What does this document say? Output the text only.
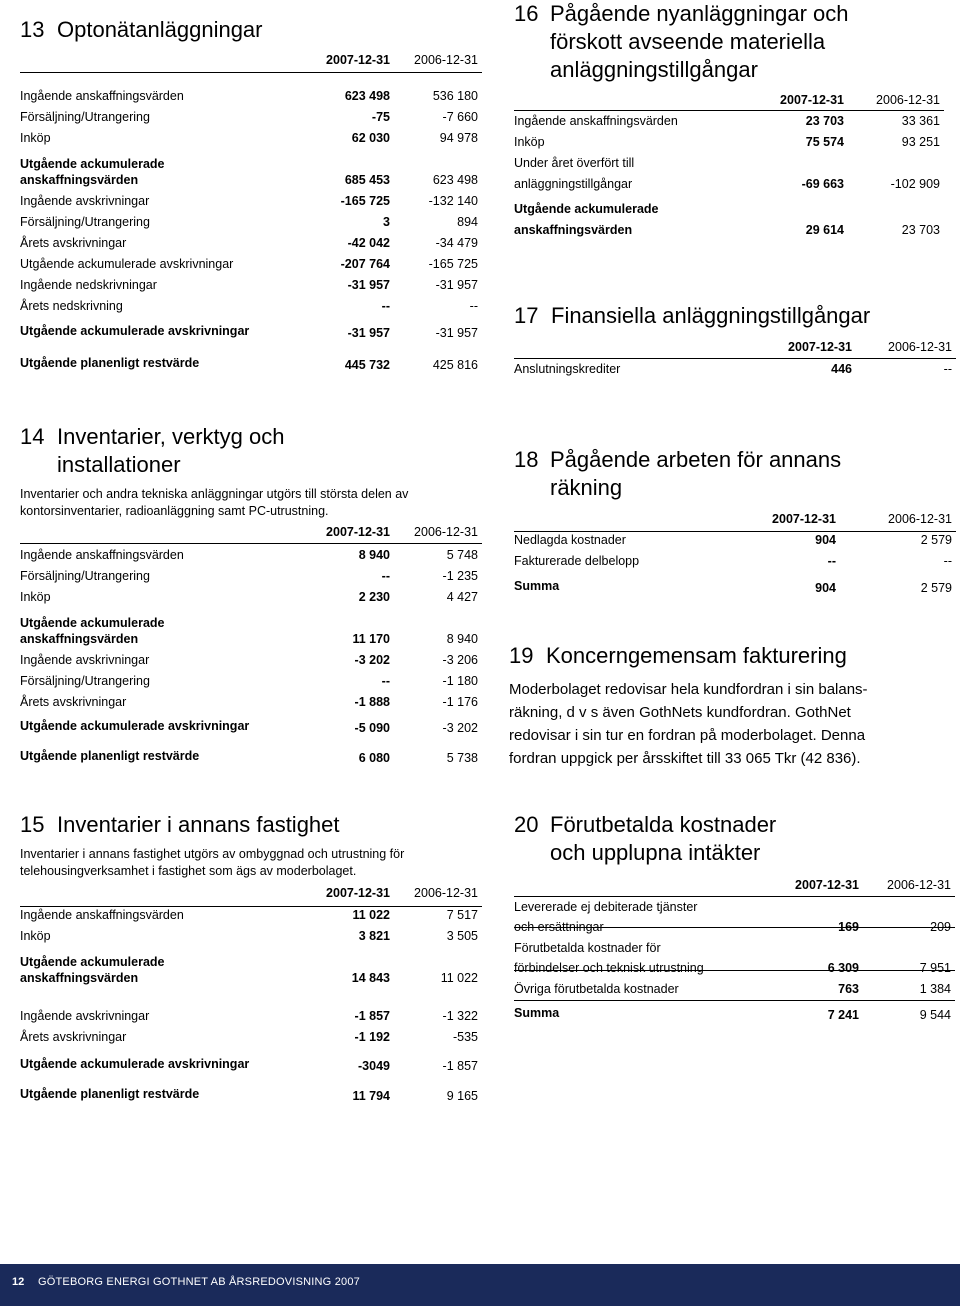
13 Optonätanläggningar
2007-12-31	2006-12-31
Ingående anskaffningsvärden	623 498	536 180
Försäljning/Utrangering	-75	-7 660
Inköp	62 030	94 978
Utgående ackumulerade
anskaffningsvärden	685 453	623 498
Ingående avskrivningar	-165 725	-132 140
Försäljning/Utrangering	3	894
Årets avskrivningar	-42 042	-34 479
Utgående ackumulerade avskrivningar	-207 764	-165 725
Ingående nedskrivningar	-31 957	-31 957
Årets nedskrivning	--	--
Utgående ackumulerade avskrivningar	-31 957	-31 957
Utgående planenligt restvärde	445 732	425 816
14 Inventarier, verktyg och
installationer
Inventarier och andra tekniska anläggningar utgörs till största delen av
kontorsinventarier, radioanläggning samt PC-utrustning.
2007-12-31	2006-12-31
Ingående anskaffningsvärden	8 940	5 748
Försäljning/Utrangering	--	-1 235
Inköp	2 230	4 427
Utgående ackumulerade
anskaffningsvärden	11 170	8 940
Ingående avskrivningar	-3 202	-3 206
Försäljning/Utrangering	--	-1 180
Årets avskrivningar	-1 888	-1 176
Utgående ackumulerade avskrivningar	-5 090	-3 202
Utgående planenligt restvärde	6 080	5 738
15 Inventarier i annans fastighet
Inventarier i annans fastighet utgörs av ombyggnad och utrustning för
telehousingverksamhet i fastighet som ägs av moderbolaget.
2007-12-31	2006-12-31
Ingående anskaffningsvärden	11 022	7 517
Inköp	3 821	3 505
Utgående ackumulerade
anskaffningsvärden	14 843	11 022
Ingående avskrivningar	-1 857	-1 322
Årets avskrivningar	-1 192	-535
Utgående ackumulerade avskrivningar	-3049	-1 857
Utgående planenligt restvärde	11 794	9 165
16 Pågående nyanläggningar och
förskott avseende materiella
anläggningstillgångar
2007-12-31	2006-12-31
Ingående anskaffningsvärden	23 703	33 361
Inköp	75 574	93 251
Under året överfört till
anläggningstillgångar	-69 663	-102 909
Utgående ackumulerade
anskaffningsvärden	29 614	23 703
17 Finansiella anläggningstillgångar
2007-12-31	2006-12-31
Anslutningskrediter	446	--
18 Pågående arbeten för annans
räkning
2007-12-31	2006-12-31
Nedlagda kostnader	904	2 579
Fakturerade delbelopp	--	--
Summa	904	2 579
19 Koncerngemensam fakturering
Moderbolaget redovisar hela kundfordran i sin balans-
räkning, d v s även GothNets kundfordran. GothNet
redovisar i sin tur en fordran på moderbolaget. Denna
fordran uppgick per årsskiftet till 33 065 Tkr (42 836).
20 Förutbetalda kostnader
och upplupna intäkter
2007-12-31	2006-12-31
Levererade ej debiterade tjänster
och ersättningar	169	209
Förutbetalda kostnader för
förbindelser och teknisk utrustning	6 309	7 951
Övriga förutbetalda kostnader	763	1 384
Summa	7 241	9 544
12 GÖTEBORG ENERGI GOTHNET AB ÅRSREDOVISNING 2007
